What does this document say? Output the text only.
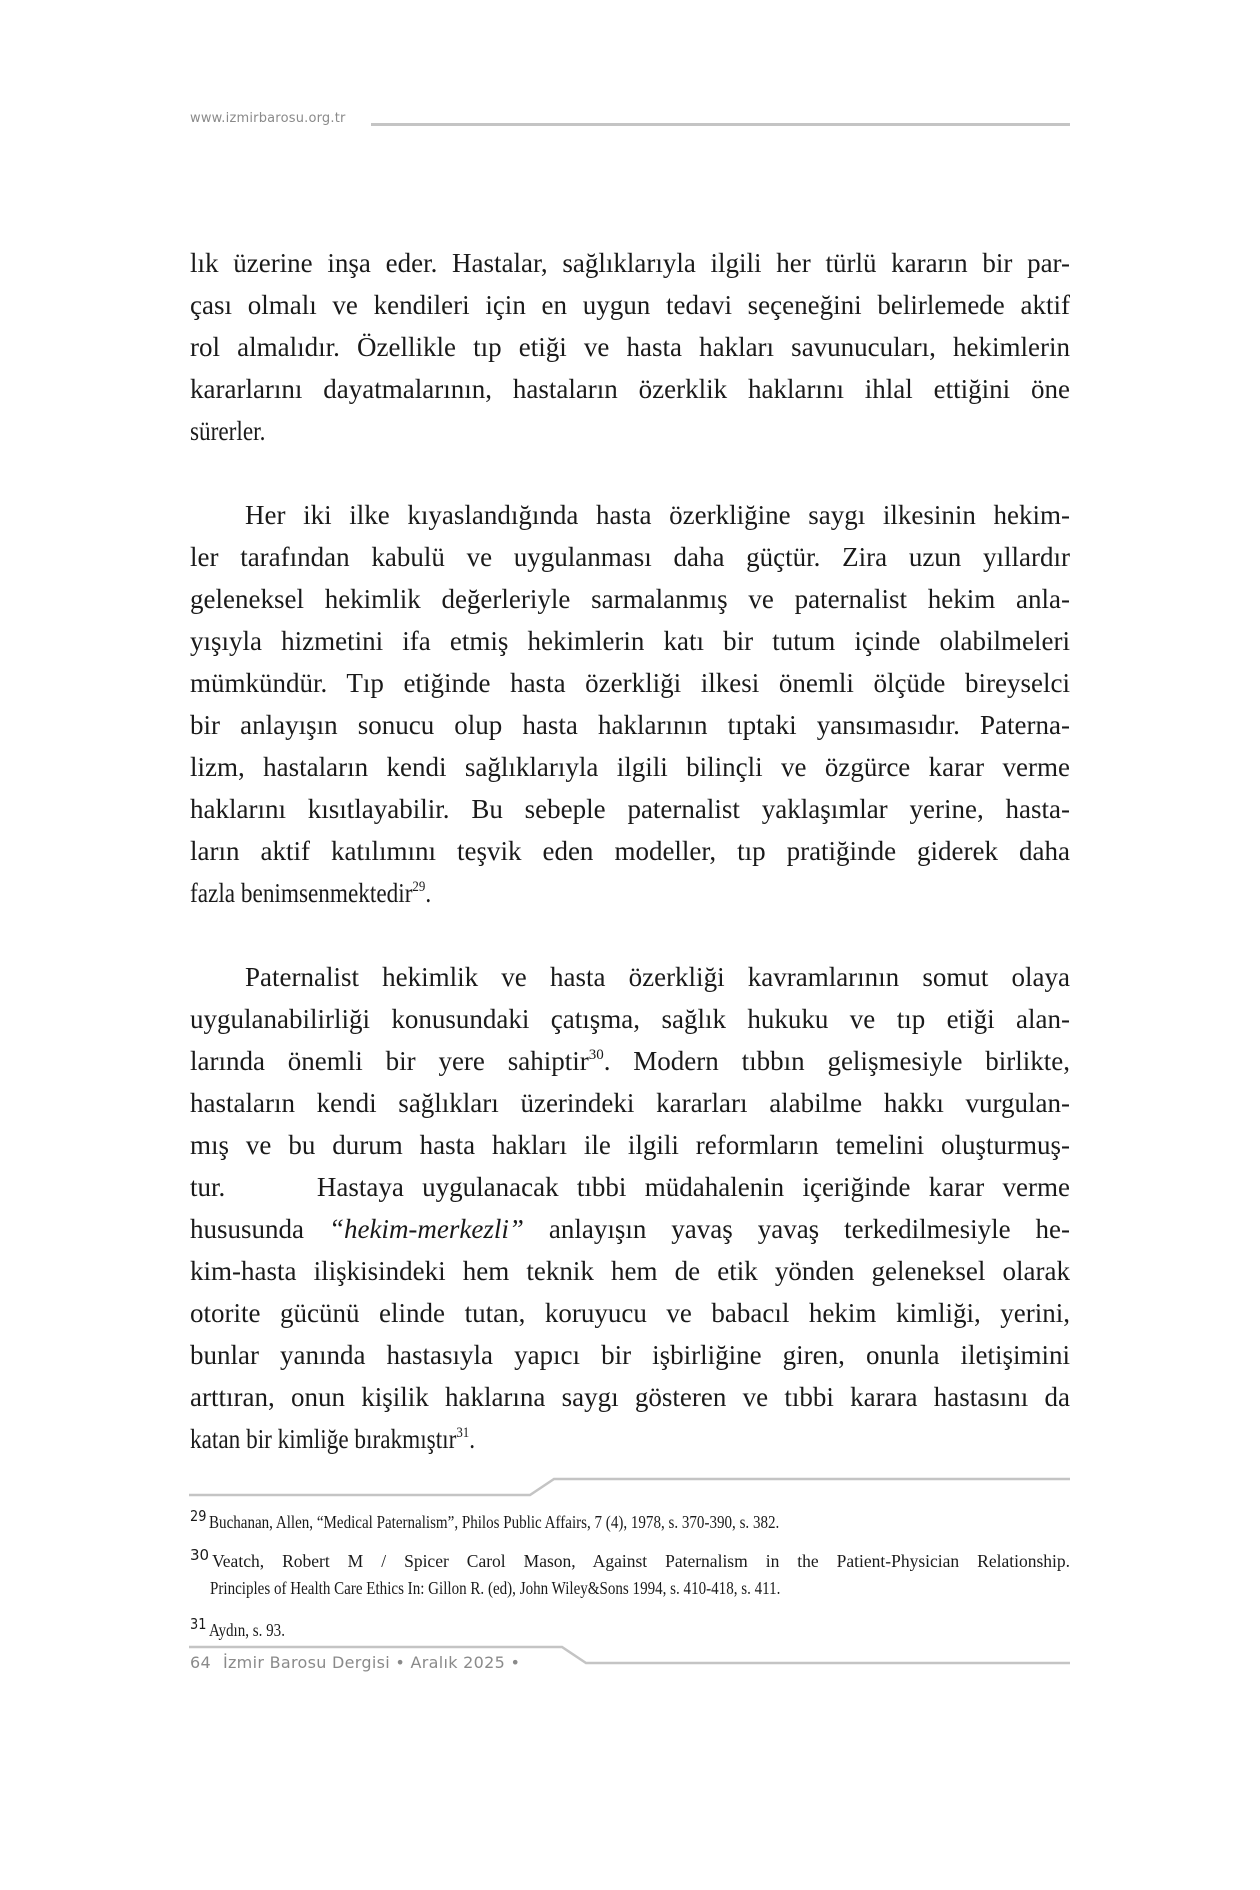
www.izmirbarosu.org.tr
lık üzerine inşa eder. Hastalar, sağlıklarıyla ilgili her türlü kararın bir par-
çası olmalı ve kendileri için en uygun tedavi seçeneğini belirlemede aktif
rol almalıdır. Özellikle tıp etiği ve hasta hakları savunucuları, hekimlerin
kararlarını dayatmalarının, hastaların özerklik haklarını ihlal ettiğini öne
sürerler.
Her iki ilke kıyaslandığında hasta özerkliğine saygı ilkesinin hekim-
ler tarafından kabulü ve uygulanması daha güçtür. Zira uzun yıllardır
geleneksel hekimlik değerleriyle sarmalanmış ve paternalist hekim anla-
yışıyla hizmetini ifa etmiş hekimlerin katı bir tutum içinde olabilmeleri
mümkündür. Tıp etiğinde hasta özerkliği ilkesi önemli ölçüde bireyselci
bir anlayışın sonucu olup hasta haklarının tıptaki yansımasıdır. Paterna-
lizm, hastaların kendi sağlıklarıyla ilgili bilinçli ve özgürce karar verme
haklarını kısıtlayabilir. Bu sebeple paternalist yaklaşımlar yerine, hasta-
ların aktif katılımını teşvik eden modeller, tıp pratiğinde giderek daha
fazla benimsenmektedir$^{29}$.
Paternalist hekimlik ve hasta özerkliği kavramlarının somut olaya
uygulanabilirliği konusundaki çatışma, sağlık hukuku ve tıp etiği alan-
larında önemli bir yere sahiptir$^{30}$. Modern tıbbın gelişmesiyle birlikte,
hastaların kendi sağlıkları üzerindeki kararları alabilme hakkı vurgulan-
mış ve bu durum hasta hakları ile ilgili reformların temelini oluşturmuş-
tur.     Hastaya uygulanacak tıbbi müdahalenin içeriğinde karar verme
hususunda “hekim-merkezli” anlayışın yavaş yavaş terkedilmesiyle he-
kim-hasta ilişkisindeki hem teknik hem de etik yönden geleneksel olarak
otorite gücünü elinde tutan, koruyucu ve babacıl hekim kimliği, yerini,
bunlar yanında hastasıyla yapıcı bir işbirliğine giren, onunla iletişimini
arttıran, onun kişilik haklarına saygı gösteren ve tıbbi karara hastasını da
katan bir kimliğe bırakmıştır$^{31}$.
29 Buchanan, Allen, “Medical Paternalism”, Philos Public Affairs, 7 (4), 1978, s. 370-390, s. 382.
30 Veatch, Robert M / Spicer Carol Mason, Against Paternalism in the Patient-Physician Relationship.
Principles of Health Care Ethics In: Gillon R. (ed), John Wiley&Sons 1994, s. 410-418, s. 411.
31 Aydın, s. 93.
64 İzmir Barosu Dergisi • Aralık 2025 •
